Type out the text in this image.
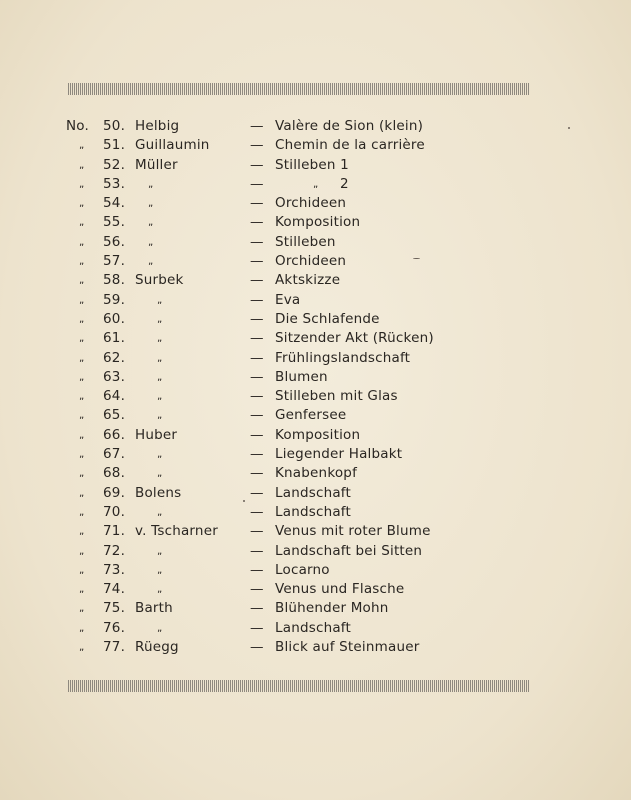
No. 50. Helbig	— Valère de Sion (klein)
„ 51. Guillaumin	— Chemin de la carrière
„ 52. Müller	— Stilleben 1
„ 53. „	—	„ 2
„ 54. „	— Orchideen
„ 55. „	— Komposition
„ 56. „	— Stilleben
„ 57. „	— Orchideen
„ 58. Surbek	— Aktskizze
„ 59.	„	— Eva
„ 60.	„	— Die Schlafende
„ 61.	„	— Sitzender Akt (Rücken)
„ 62.	„	— Frühlingslandschaft
„ 63.	„	— Blumen
„ 64.	„	— Stilleben mit Glas
„ 65.	„	— Genfersee
„ 66. Huber	— Komposition
„ 67.	„	— Liegender Halbakt
„ 68.	„	— Knabenkopf
„ 69. Bolens	— Landschaft
„ 70.	„	— Landschaft
„ 71. v. Tscharner — Venus mit roter Blume
„ 72.	„	— Landschaft bei Sitten
„ 73.	„	— Locarno
„ 74.	„	— Venus und Flasche
„ 75. Barth	— Blühender Mohn
„ 76.	„	— Landschaft
„ 77. Rüegg	— Blick auf Steinmauer
